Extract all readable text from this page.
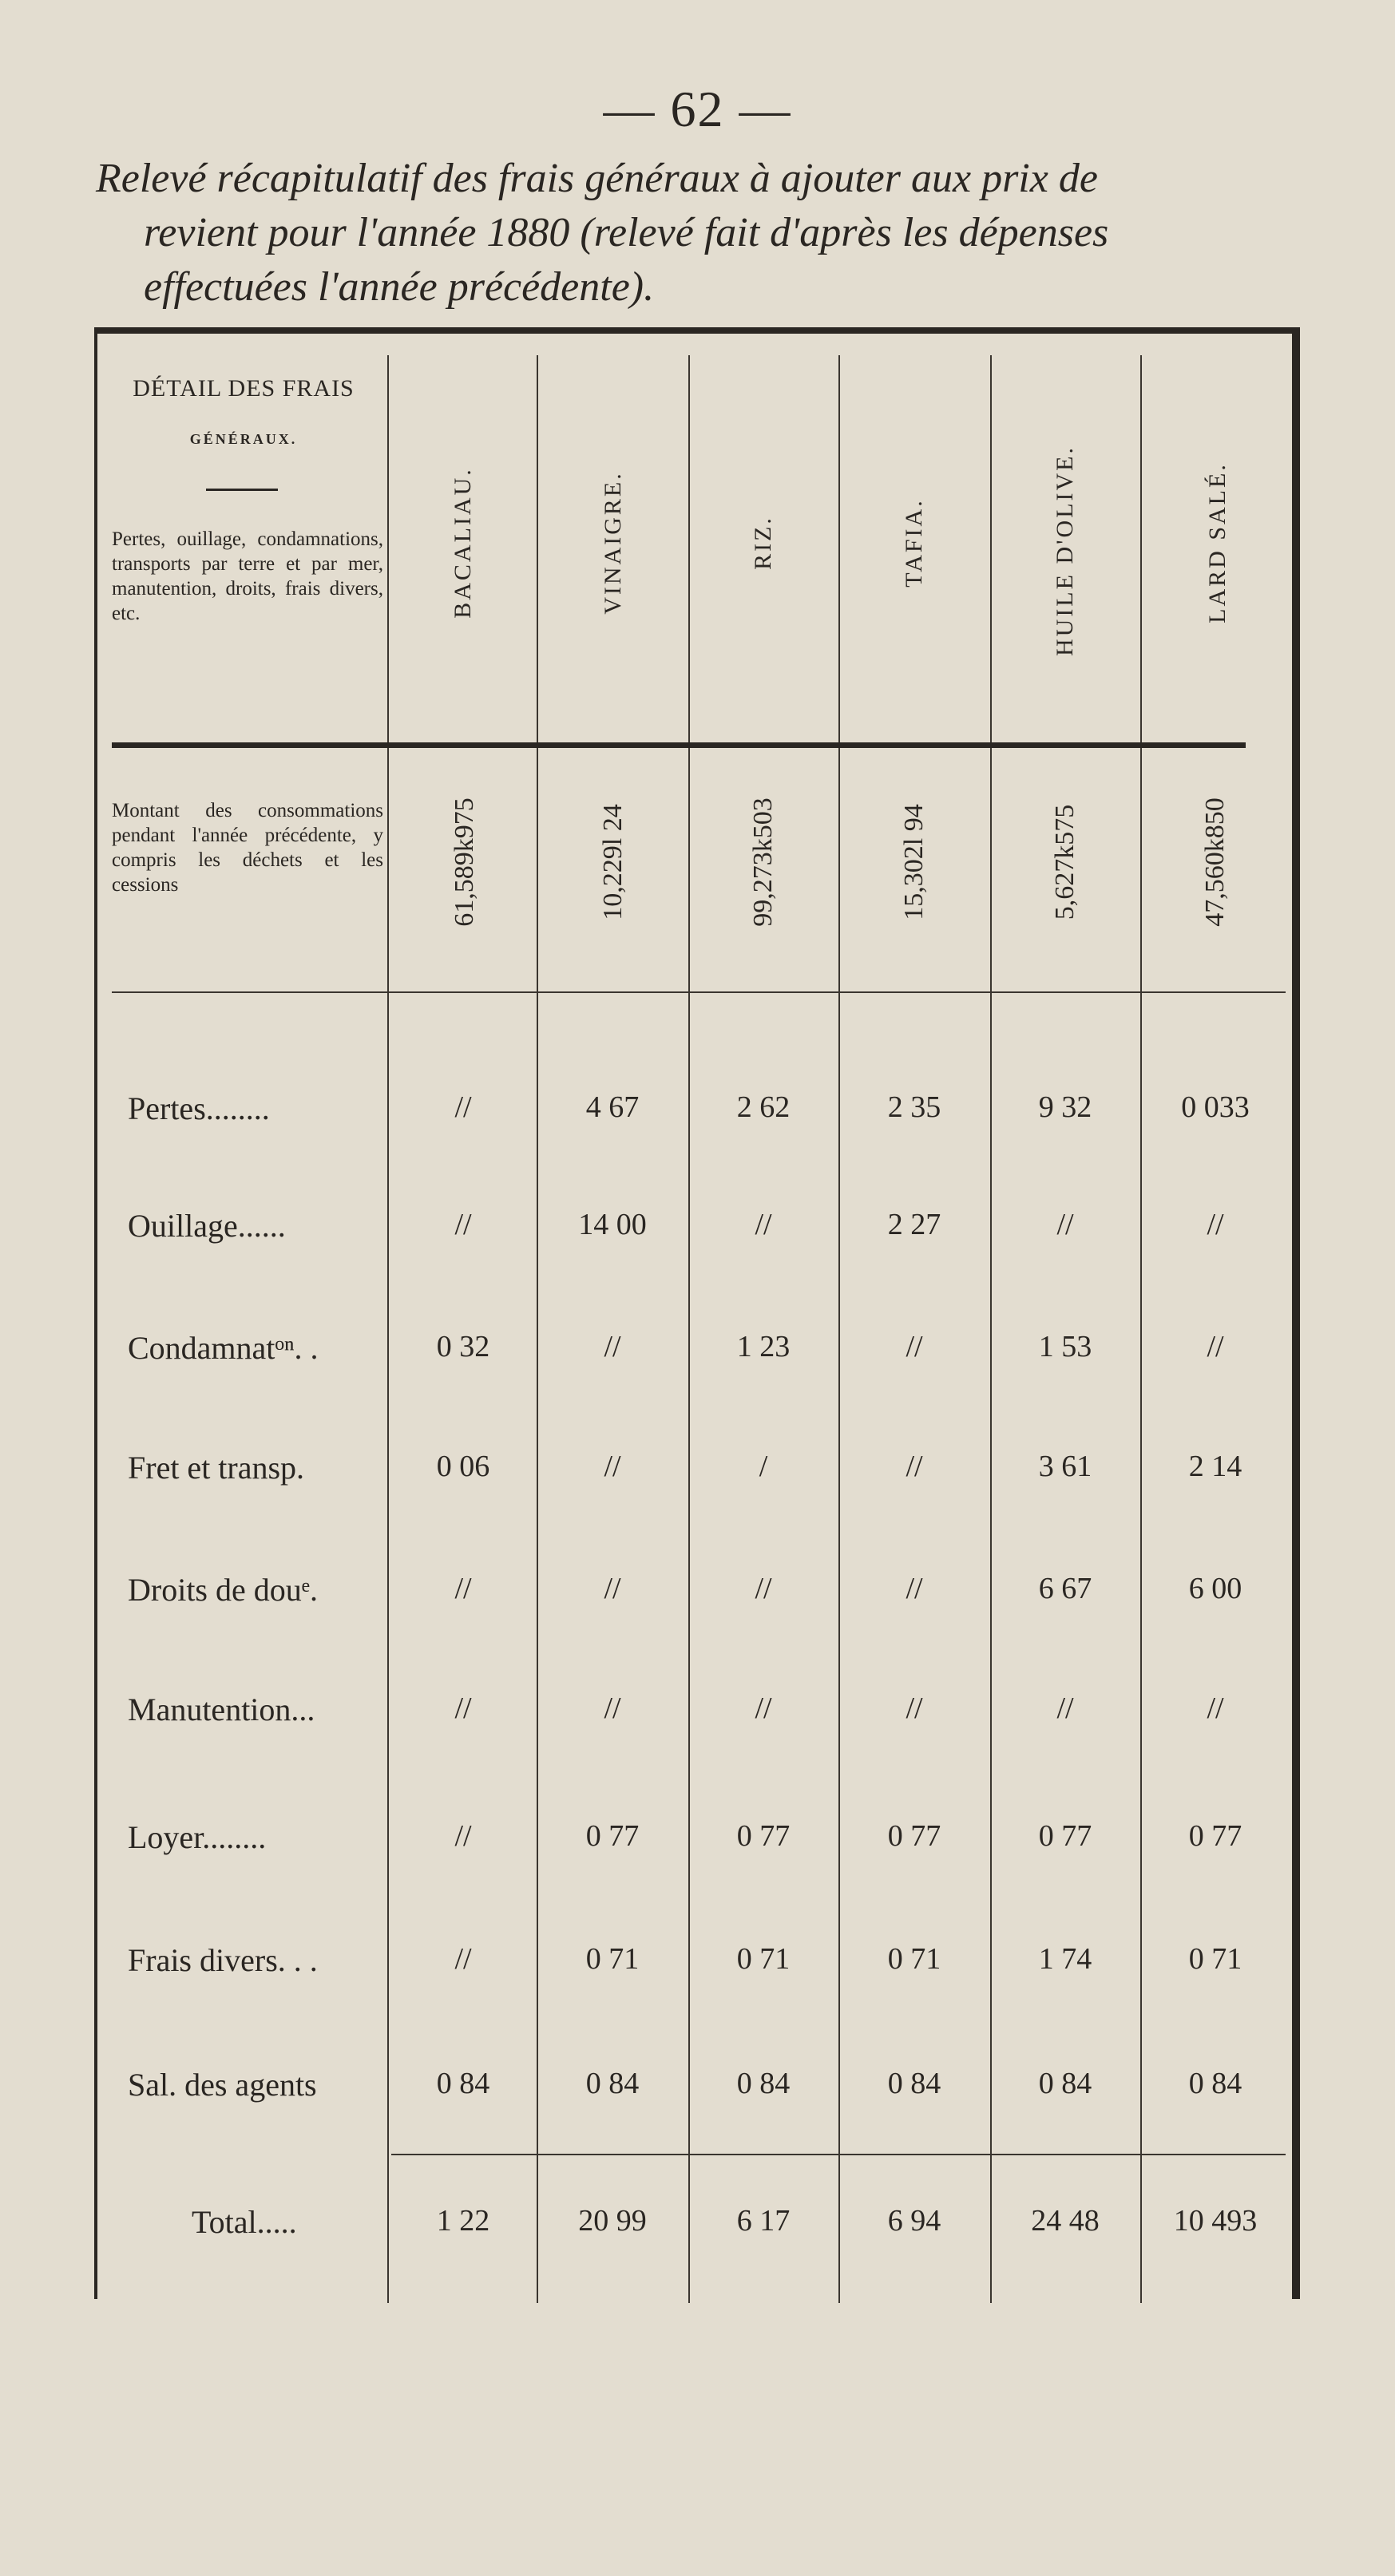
— 62 —
Relevé récapitulatif des frais généraux à ajouter aux prix de
revient pour l'année 1880 (relevé fait d'après les dépenses
effectuées l'année précédente).
DÉTAIL DES FRAIS
GÉNÉRAUX.
Pertes, ouillage, condamnations, transports par terre et par mer, manutention, droits, frais divers, etc.	BACALIAU.	VINAIGRE.	RIZ.	TAFIA.	HUILE D'OLIVE.	LARD SALÉ.
Montant des consommations pendant l'année précédente, y compris les déchets et les cessions	61,589k975	10,229l 24	99,273k503	15,302l 94	5,627k575	47,560k850
Pertes........	//	4 67	2 62	2 35	9 32	0 033
Ouillage......	//	14 00	//	2 27	//	//
Condamnatᵒⁿ. .	0 32	//	1 23	//	1 53	//
Fret et transp.	0 06	//	/	//	3 61	2 14
Droits de douᵉ.	//	//	//	//	6 67	6 00
Manutention...	//	//	//	//	//	//
Loyer........	//	0 77	0 77	0 77	0 77	0 77
Frais divers. . .	//	0 71	0 71	0 71	1 74	0 71
Sal. des agents	0 84	0 84	0 84	0 84	0 84	0 84
Total.....	1 22	20 99	6 17	6 94	24 48	10 493
